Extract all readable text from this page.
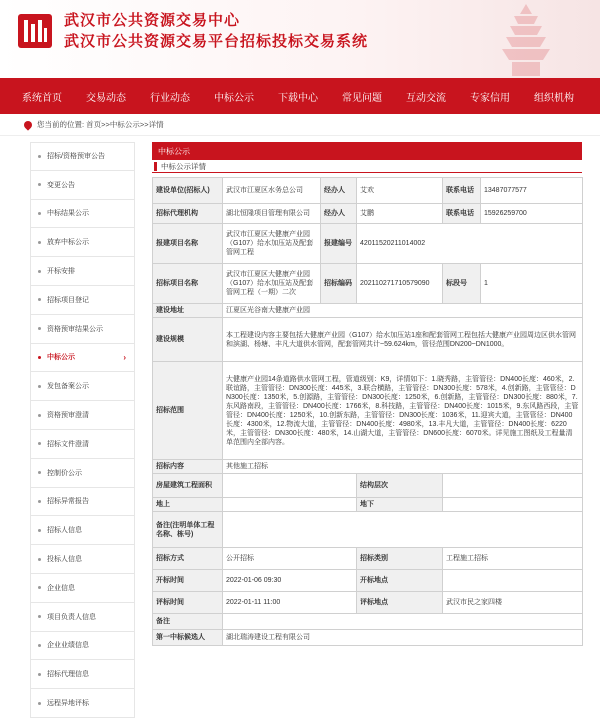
武汉市公共资源交易中心
武汉市公共资源交易平台招标投标交易系统
系统首页 交易动态 行业动态 中标公示 下载中心 常见问题 互动交流 专家信用 组织机构
您当前的位置: 首页>>中标公示>>详情
招标/资格预审公告
变更公告
中标结果公示
放弃中标公示
开标安排
招标项目登记
资格预审结果公示
中标公示	›
发包备案公示
资格预审澄清
招标文件澄清
控制价公示
招标异常报告
招标人信息
投标人信息
企业信息
项目负责人信息
企业业绩信息
招标代理信息
远程异地评标
中标公示
中标公示详情
建设单位(招标人)	武汉市江夏区水务总公司	经办人	艾欢	联系电话	13487077577
招标代理机构	湖北恒隆项目管理有限公司	经办人	艾鹏	联系电话	15926259700
报建项目名称	武汉市江夏区大健康产业园（G107）给水加压站及配套管网工程	报建编号	42011520211014002		
招标项目名称	武汉市江夏区大健康产业园（G107）给水加压站及配套管网工程（一期）二次	招标编码	20211027171057909​0	标段号	1
建设地址	江夏区光谷南大健康产业园				
建设规模	本工程建设内容主要包括大健康产业园（G107）给水加压站1座和配套管网工程包括大健康产业园周边区供水管网和滨湖、杨塘、丰凡大道供水管网，配套管网共计~59.624km，管径范围DN200~DN1000。				
招标范围	大健康产业园14条道路供水管网工程，管道级别：K9，详情如下：1.晓秀路，主管管径：DN400长度：460米，2.联谊路，主管管径：DN300长度：445米，3.联合横路，主管管径：DN300长度：578米，4.创新路，主管管径：DN300长度：1350米，5.创源路，主管管径：DN300长度：1250米，6.创新路，主管管径：DN300长度：880米，7.东风路南段，主管管径：DN400长度：1766米，8.科技路，主管管径：DN400长度：1015米，9.东风路西段，主管管径：DN400长度：1250米，10.创新东路，主管管径：DN300长度：1036米，11.迎宾大道，主管管径：DN400长度：4300米，12.物流大道，主管管径：DN400长度：4980米，13.丰凡大道，主管管径：DN400长度：6220米，主管管径：DN300长度：480米，14.山湖大道，主管管径：DN600长度：6070米。详见施工图纸及工程量清单范围内全部内容。				
招标内容	其他施工招标				
房屋建筑工程面积			结构层次		
地上			地下		
备注(注明单体工程名称、栋号)					
招标方式	公开招标		招标类别	工程施工招标	
开标时间	2022-01-06 09:30		开标地点		
评标时间	2022-01-11 11:00		评标地点	武汉市民之家四楼	
备注					
第一中标候选人	湖北瑞涛建设工程有限公司				
